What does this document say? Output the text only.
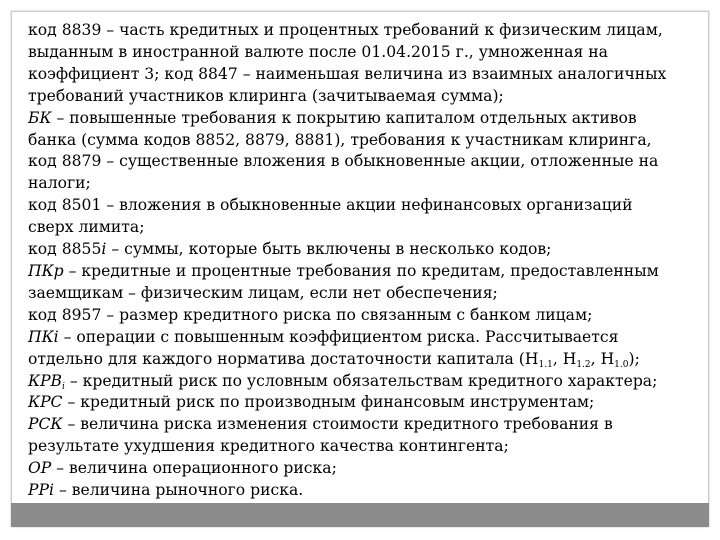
код 8839 – часть кредитных и процентных требований к физическим лицам,
выданным в иностранной валюте после 01.04.2015 г., умноженная на
коэффициент 3; код 8847 – наименьшая величина из взаимных аналогичных
требований участников клиринга (зачитываемая сумма);
БК – повышенные требования к покрытию капиталом отдельных активов
банка (сумма кодов 8852, 8879, 8881), требования к участникам клиринга,
код 8879 – существенные вложения в обыкновенные акции, отложенные на
налоги;
код 8501 – вложения в обыкновенные акции нефинансовых организаций
сверх лимита;
код 8855i – суммы, которые быть включены в несколько кодов;
ПКр – кредитные и процентные требования по кредитам, предоставленным
заемщикам – физическим лицам, если нет обеспечения;
код 8957 – размер кредитного риска по связанным с банком лицам;
ПКi – операции с повышенным коэффициентом риска. Рассчитывается
отдельно для каждого норматива достаточности капитала ($Н_{1.1}$, $Н_{1.2}$, $Н_{1.0}$);
$КРВ_i$ – кредитный риск по условным обязательствам кредитного характера;
КРС – кредитный риск по производным финансовым инструментам;
РСК – величина риска изменения стоимости кредитного требования в
результате ухудшения кредитного качества контингента;
ОР – величина операционного риска;
РРi – величина рыночного риска.
